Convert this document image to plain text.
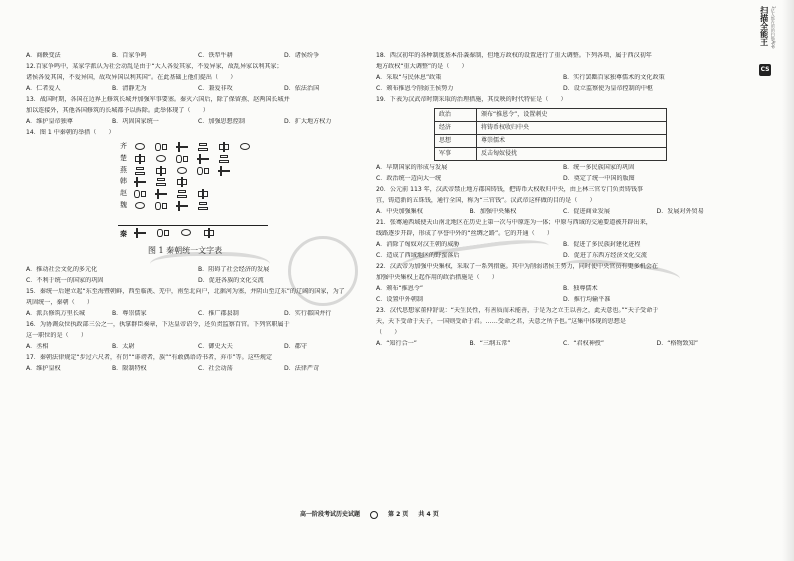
A．商鞅变法	B．百家争鸣	C．铁犁牛耕	D．诸侯纷争
12.百家争鸣中，某家学派认为社会动乱是由于“大人各爱其家，不爱异家，故乱异家以利其家；
诸侯各爱其国，不爱异国，故攻异国以利其国”。在此基础上他们提出（　　）
A．仁者爱人	B．清静无为	C．兼爱非攻	D．依法治国
13．战国时期，各国在边界上修筑长城并加强军事要塞。秦灭六国后，除了保留燕、赵两国长城并
加以连接外，其他各国修筑的长城都予以拆除。此举体现了（　　）
A．维护皇帝独尊	B．巩固国家统一	C．加强思想控制	D．扩大地方权力
14．图 1 中秦朝的举措（　　）
齐
楚
燕
韩
赵
魏
秦
图 1 秦朝统一文字表
A．推动社会文化的多元化	B．阻碍了社会经济的发展
C．不利于统一的国家的巩固	D．促进各族的文化交流
15．秦统一后建立起“东至海暨朝鲜，西至临洮、羌中，南至北向户，北据河为塞，并阴山至辽东”的辽阔的国家，为了
巩固统一，秦朝（　　）
A．派兵修筑万里长城	B．尊崇儒家	C．推广郡县制	D．实行郡国并行
16．为协调众位执政部三公之一，执掌群臣奏章，下达皇帝诏令，还负责监察百官。下列官职属于
这一职位的是（　　）
A．丞相	B．太尉	C．御史大夫	D．郡守
17．秦朝法律规定“步过六尺者，有罚”“诽谤者，族”“有敢偶语诗书者，弃市”等。这些规定
A．维护皇权	B．限制特权	C．社会动荡	D．法律严苛
18．西汉初年的各种制度基本沿袭秦制，但地方政权的设置进行了重大调整。下列各项，属于西汉初年
地方政权“重大调整”的是（　　）
A．采取“与民休息”政策	B．实行罢黜百家独尊儒术的文化政策
C．颁布推恩令削弱王侯势力	D．设立监察使为皇帝控制的中枢
19．下表为汉武帝时期采取的治理措施，其反映的时代特征是（　　）
政治	颁布“推恩令”，设置刺史
经济	将铸币权收归中央
思想	尊崇儒术
军事	反击匈奴侵扰
A．早期国家的形成与发展	B．统一多民族国家的巩固
C．政治统一迈向大一统	D．奠定了统一中国的版图
20．公元前 113 年，汉武帝禁止地方郡国铸钱，把铸币大权收归中央，由上林三官专门负责铸钱事
宜，铸造新的五铢钱，通行全国，称为“三官钱”。汉武帝这样做的目的是（　　）
A．中央加强集权	B．加强中央集权	C．促进商业发展	D．发展对外贸易
21．张骞通西域使天山南北地区在历史上第一次与中原连为一体；中原与西域的交通要道被开辟出来，
线路逐步开辟，形成了享誉中外的“丝绸之路”。它的开通（　　）
A．消除了匈奴对汉王朝的威胁	B．促进了多民族封建化进程
C．造成了西域地区的野蛮落后	D．促进了东西方经济文化交流
22．汉武帝为加强中央集权，采取了一系列措施。其中为削弱诸侯王势力，同时使中央官员有更多机会在
加强中央集权上起作用的政治措施是（　　）
A．颁布“推恩令”	B．独尊儒术
C．设置中外朝制	D．推行均输平准
23．汉代思想家董仲舒说：“天生民性，有善质而未能善，于是为之立王以善之，此天意也。”“天子受命于
天，天下受命于天子，一国则受命于君。……受命之君，天意之所予也。”这集中体现的思想是
（　　）
A．“知行合一”	B．“三纲五常”	C．“君权神授”	D．“格物致知”
高一阶段考试历史试题	第 2 页 共 4 页
扫描全能王 3亿人都在用的扫描App
CS
